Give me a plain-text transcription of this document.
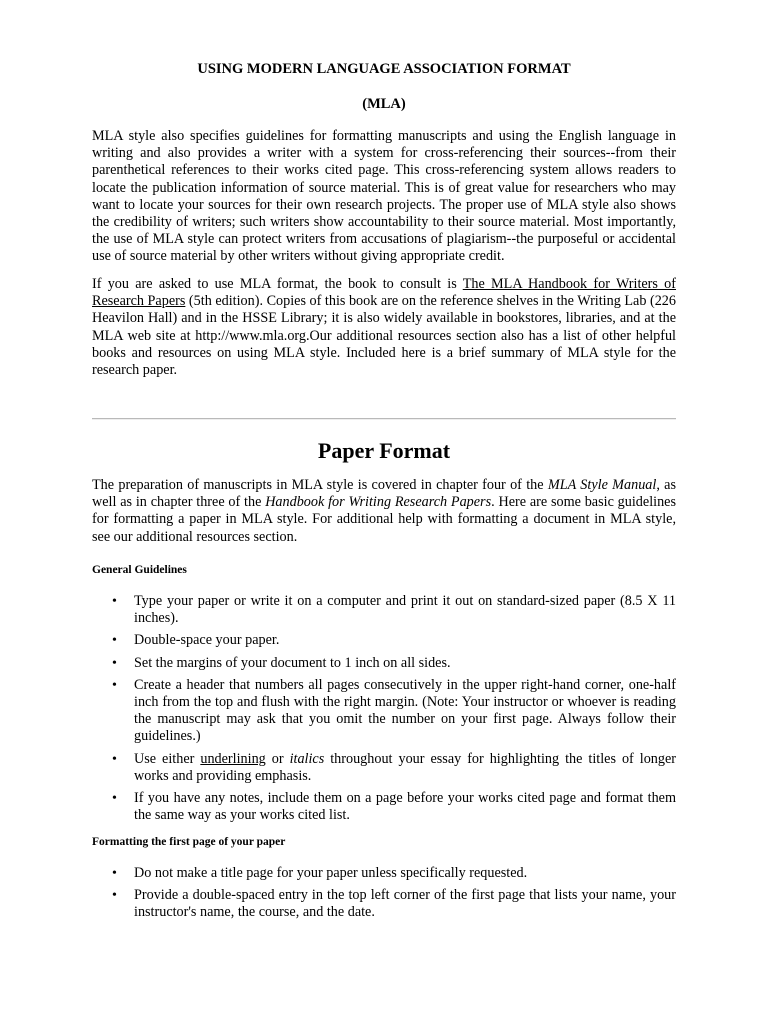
USING MODERN LANGUAGE ASSOCIATION FORMAT
(MLA)

MLA style also specifies guidelines for formatting manuscripts and using the English language in writing and also provides a writer with a system for cross-referencing their sources--from their parenthetical references to their works cited page. This cross-referencing system allows readers to locate the publication information of source material. This is of great value for researchers who may want to locate your sources for their own research projects. The proper use of MLA style also shows the credibility of writers; such writers show accountability to their source material. Most importantly, the use of MLA style can protect writers from accusations of plagiarism--the purposeful or accidental use of source material by other writers without giving appropriate credit.

If you are asked to use MLA format, the book to consult is The MLA Handbook for Writers of Research Papers (5th edition). Copies of this book are on the reference shelves in the Writing Lab (226 Heavilon Hall) and in the HSSE Library; it is also widely available in bookstores, libraries, and at the MLA web site at http://www.mla.org.Our additional resources section also has a list of other helpful books and resources on using MLA style. Included here is a brief summary of MLA style for the research paper.

Paper Format

The preparation of manuscripts in MLA style is covered in chapter four of the MLA Style Manual, as well as in chapter three of the Handbook for Writing Research Papers. Here are some basic guidelines for formatting a paper in MLA style. For additional help with formatting a document in MLA style, see our additional resources section.

General Guidelines
• Type your paper or write it on a computer and print it out on standard-sized paper (8.5 X 11 inches).
• Double-space your paper.
• Set the margins of your document to 1 inch on all sides.
• Create a header that numbers all pages consecutively in the upper right-hand corner, one-half inch from the top and flush with the right margin. (Note: Your instructor or whoever is reading the manuscript may ask that you omit the number on your first page. Always follow their guidelines.)
• Use either underlining or italics throughout your essay for highlighting the titles of longer works and providing emphasis.
• If you have any notes, include them on a page before your works cited page and format them the same way as your works cited list.
Formatting the first page of your paper
• Do not make a title page for your paper unless specifically requested.
• Provide a double-spaced entry in the top left corner of the first page that lists your name, your instructor's name, the course, and the date.
